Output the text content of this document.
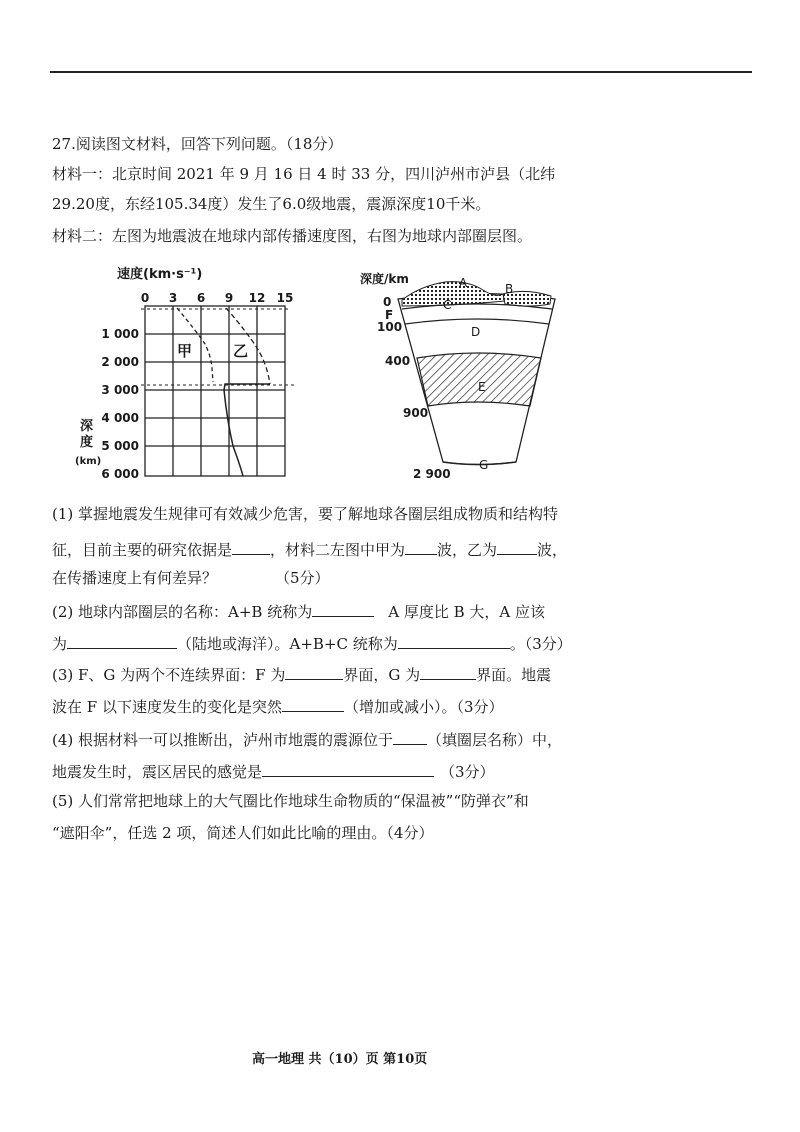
27.阅读图文材料，回答下列问题。（18分）
材料一：北京时间 2021 年 9 月 16 日 4 时 33 分，四川泸州市泸县（北纬
29.20度，东经105.34度）发生了6.0级地震，震源深度10千米。
材料二：左图为地震波在地球内部传播速度图，右图为地球内部圈层图。
速度(km·s⁻¹)
0 3 6 9 12 15
1 000
2 000
3 000
4 000
5 000
6 000
深
度
(km)
甲	乙
深度/km
0
100
400
900
2 900
A	B
C
D
E
F
G
(1) 掌握地震发生规律可有效减少危害，要了解地球各圈层组成物质和结构特
征，目前主要的研究依据是	，材料二左图中甲为 波，乙为	波，
在传播速度上有何差异？	（5分）
(2) 地球内部圈层的名称：A+B 统称为	A 厚度比 B 大，A 应该
为	（陆地或海洋）。A+B+C 统称为	。（3分）
(3) F、G 为两个不连续界面：F 为	界面，G 为	界面。地震
波在 F 以下速度发生的变化是突然	（增加或减小）。（3分）
(4) 根据材料一可以推断出，泸州市地震的震源位于 （填圈层名称）中，
地震发生时，震区居民的感觉是	（3分）
(5) 人们常常把地球上的大气圈比作地球生命物质的“保温被”“防弹衣”和
“遮阳伞”，任选 2 项，简述人们如此比喻的理由。（4分）
高一地理 共（10）页 第10页
